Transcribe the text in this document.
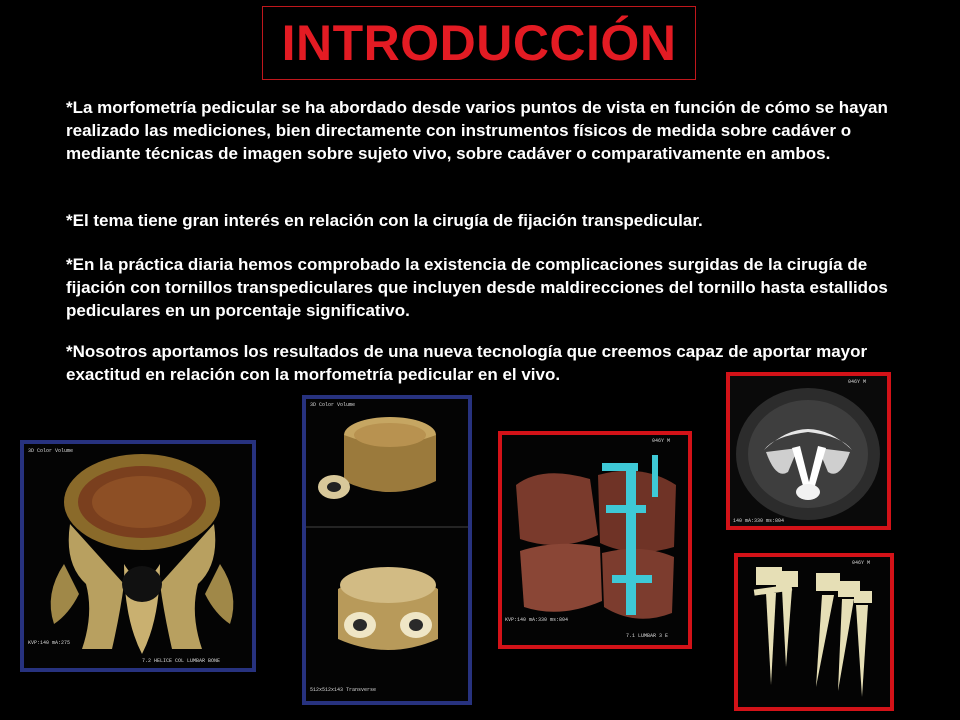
INTRODUCCIÓN

*La morfometría pedicular se ha abordado desde varios puntos de vista en función de cómo se hayan realizado las mediciones, bien directamente con instrumentos físicos de medida sobre cadáver o mediante técnicas de imagen sobre sujeto vivo, sobre cadáver o comparativamente en ambos.

*El tema tiene gran interés en relación con la cirugía de fijación transpedicular.

*En la práctica diaria hemos comprobado la existencia de complicaciones surgidas de la cirugía de fijación con tornillos transpediculares que incluyen desde maldirecciones del tornillo hasta estallidos pediculares en un porcentaje significativo.

*Nosotros aportamos los resultados de una nueva tecnología que creemos capaz de aportar mayor exactitud en relación con la morfometría pedicular en el vivo.

3D Color Volume
KVP:140 mA:275
7.2 HELICE COL LUMBAR BONE
3D Color Volume
512x512x143 Transverse
046Y M
KVP:140 mA:330 ms:804
7.1 LUMBAR 3 E
046Y M
140 mA:330 ms:804
046Y M
